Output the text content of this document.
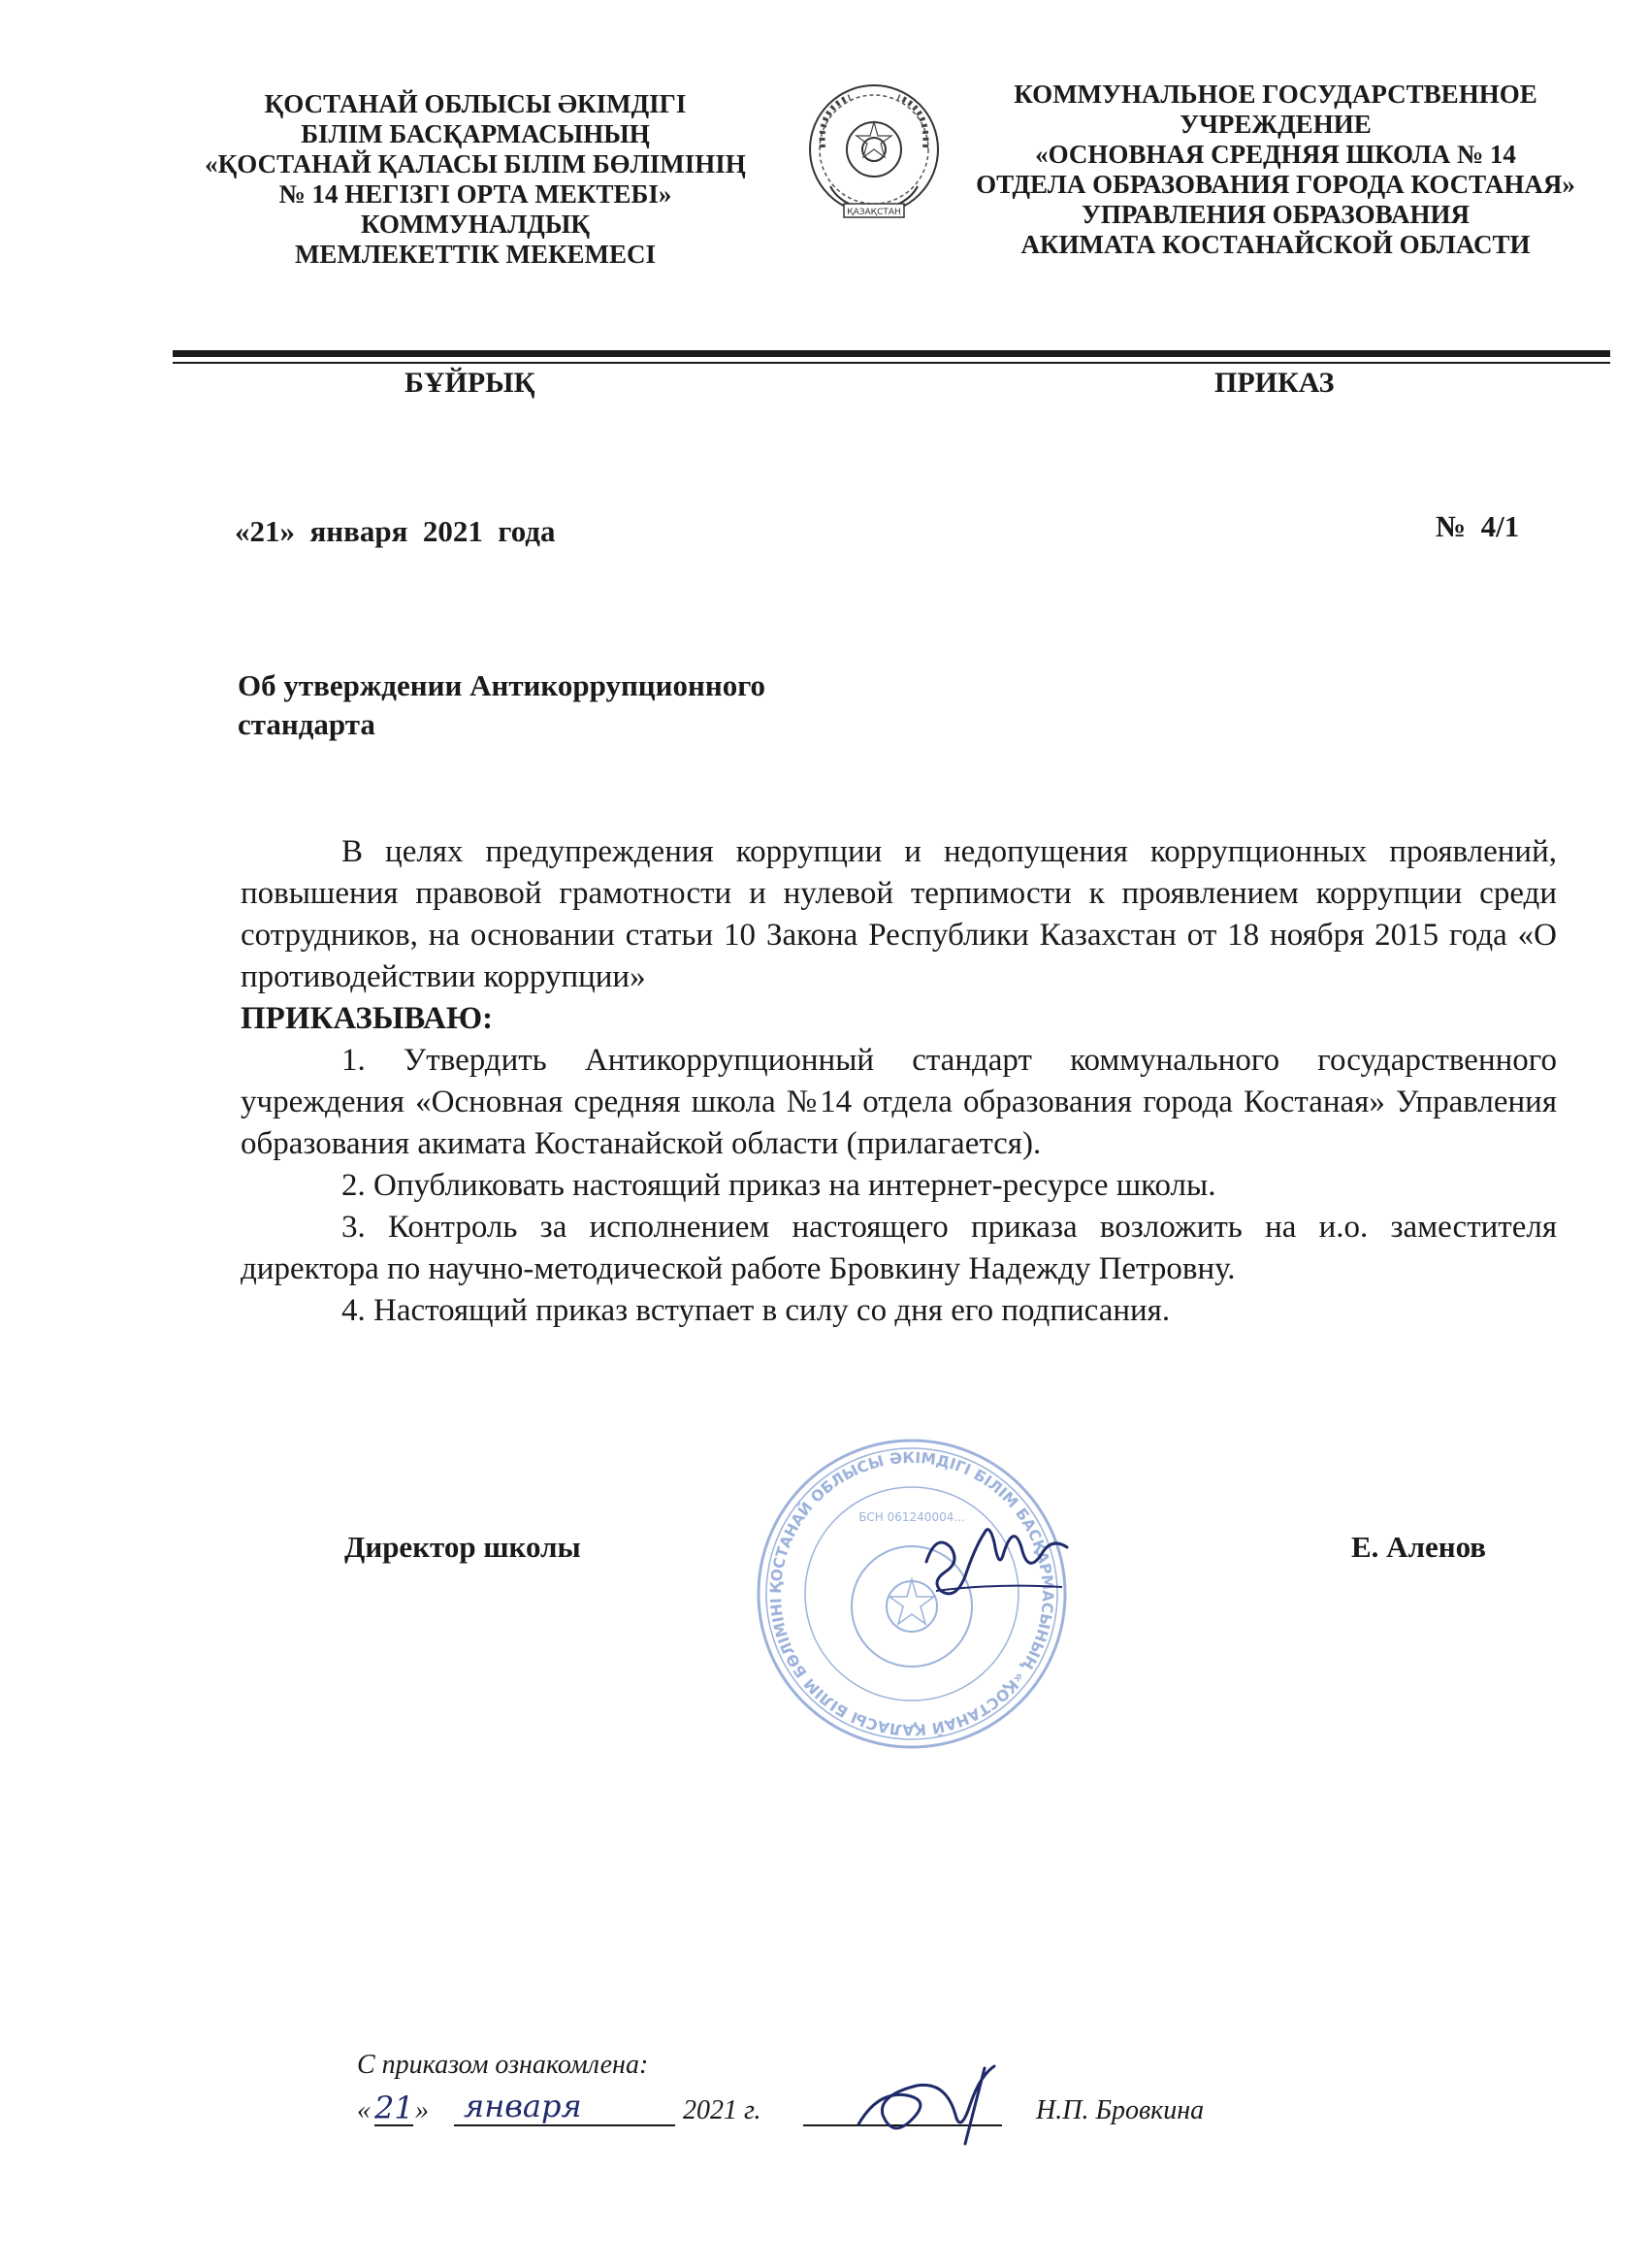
ҚОСТАНАЙ ОБЛЫСЫ ӘКІМДІГІ
БІЛІМ БАСҚАРМАСЫНЫҢ
«ҚОСТАНАЙ ҚАЛАСЫ БІЛІМ БӨЛІМІНІҢ
№ 14 НЕГІЗГІ ОРТА МЕКТЕБІ»
КОММУНАЛДЫҚ
МЕМЛЕКЕТТІК МЕКЕМЕСІ
ҚАЗАҚСТАН
КОММУНАЛЬНОЕ ГОСУДАРСТВЕННОЕ
УЧРЕЖДЕНИЕ
«ОСНОВНАЯ СРЕДНЯЯ ШКОЛА № 14
ОТДЕЛА ОБРАЗОВАНИЯ ГОРОДА КОСТАНАЯ»
УПРАВЛЕНИЯ ОБРАЗОВАНИЯ
АКИМАТА КОСТАНАЙСКОЙ ОБЛАСТИ
БҰЙРЫҚ	ПРИКАЗ
«21»  января  2021  года	№  4/1
Об утверждении Антикоррупционного
стандарта
В целях предупреждения коррупции и недопущения коррупционных проявлений, повышения правовой грамотности и нулевой терпимости к проявлением коррупции среди сотрудников, на основании статьи 10 Закона Республики Казахстан от 18 ноября 2015 года «О противодействии коррупции»
ПРИКАЗЫВАЮ:
1. Утвердить Антикоррупционный стандарт коммунального государственного учреждения «Основная средняя школа №14 отдела образования города Костаная» Управления образования акимата Костанайской области (прилагается).
2. Опубликовать настоящий приказ на интернет-ресурсе школы.
3. Контроль за исполнением настоящего приказа возложить на и.о. заместителя директора по научно-методической работе Бровкину Надежду Петровну.
4. Настоящий приказ вступает в силу со дня его подписания.
ҚОСТАНАЙ ОБЛЫСЫ ӘКІМДІГІ БІЛІМ БАСҚАРМАСЫНЫҢ «ҚОСТАНАЙ ҚАЛАСЫ БІЛІМ БӨЛІМІНІ
БСН 061240004...
Директор школы	Е. Аленов
С приказом ознакомлена:
« 21 » января	2021 г.	Н.П. Бровкина
